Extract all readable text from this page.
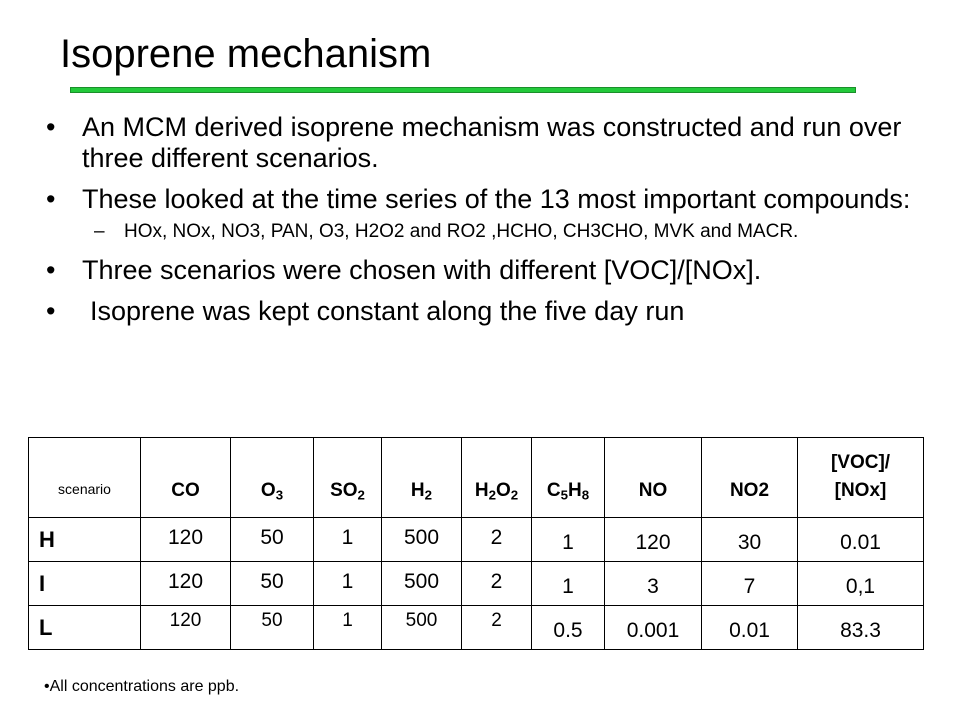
Isoprene mechanism
• An MCM derived isoprene mechanism was constructed and run over three different scenarios.
• These looked at the time series of the 13 most important compounds:
– HOx, NOx, NO3, PAN, O3, H2O2 and RO2 ,HCHO, CH3CHO, MVK and MACR.
• Three scenarios were chosen with different [VOC]/[NOx].
• Isoprene was kept constant along the five day run
scenario	CO	$O_3$	$SO_2$	$H_2$	$H_2O_2$	$C_5H_8$	NO	NO2	[VOC]/
[NOx]
H	120	50	1	500	2	1	120	30	0.01
I	120	50	1	500	2	1	3	7	0,1
L	120	50	1	500	2	0.5	0.001	0.01	83.3
•All concentrations are ppb.
